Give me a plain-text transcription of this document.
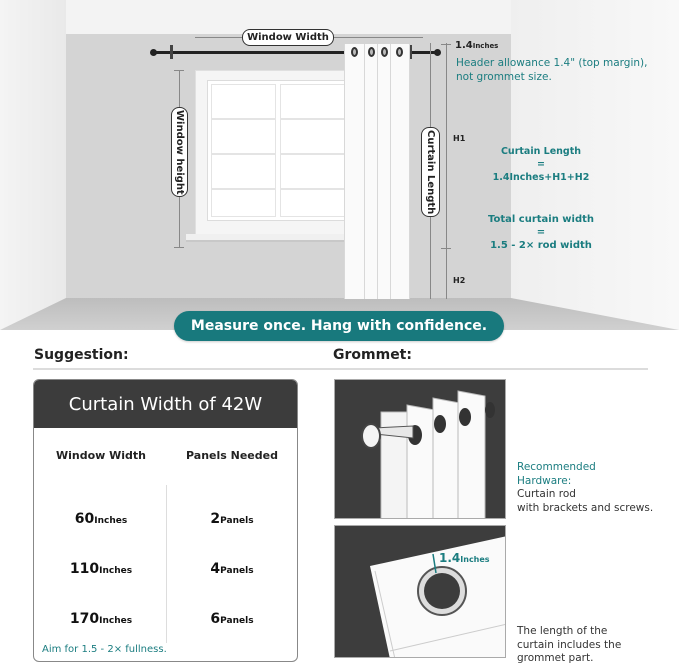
Window Width
Window height	Curtain Length
1.4Inches
H1
H2
Header allowance 1.4" (top margin),
not grommet size.
Curtain Length
=
1.4Inches+H1+H2
Total curtain width
=
1.5 - 2× rod width
Measure once. Hang with confidence.
Suggestion:	Grommet:
Curtain Width of 42W
Window Width	Panels Needed
60Inches	2Panels
110Inches	4Panels
170Inches	6Panels
Aim for 1.5 - 2× fullness.
Recommended
Hardware:
Curtain rod
with brackets and screws.
1.4Inches
The length of the
curtain includes the
grommet part.
